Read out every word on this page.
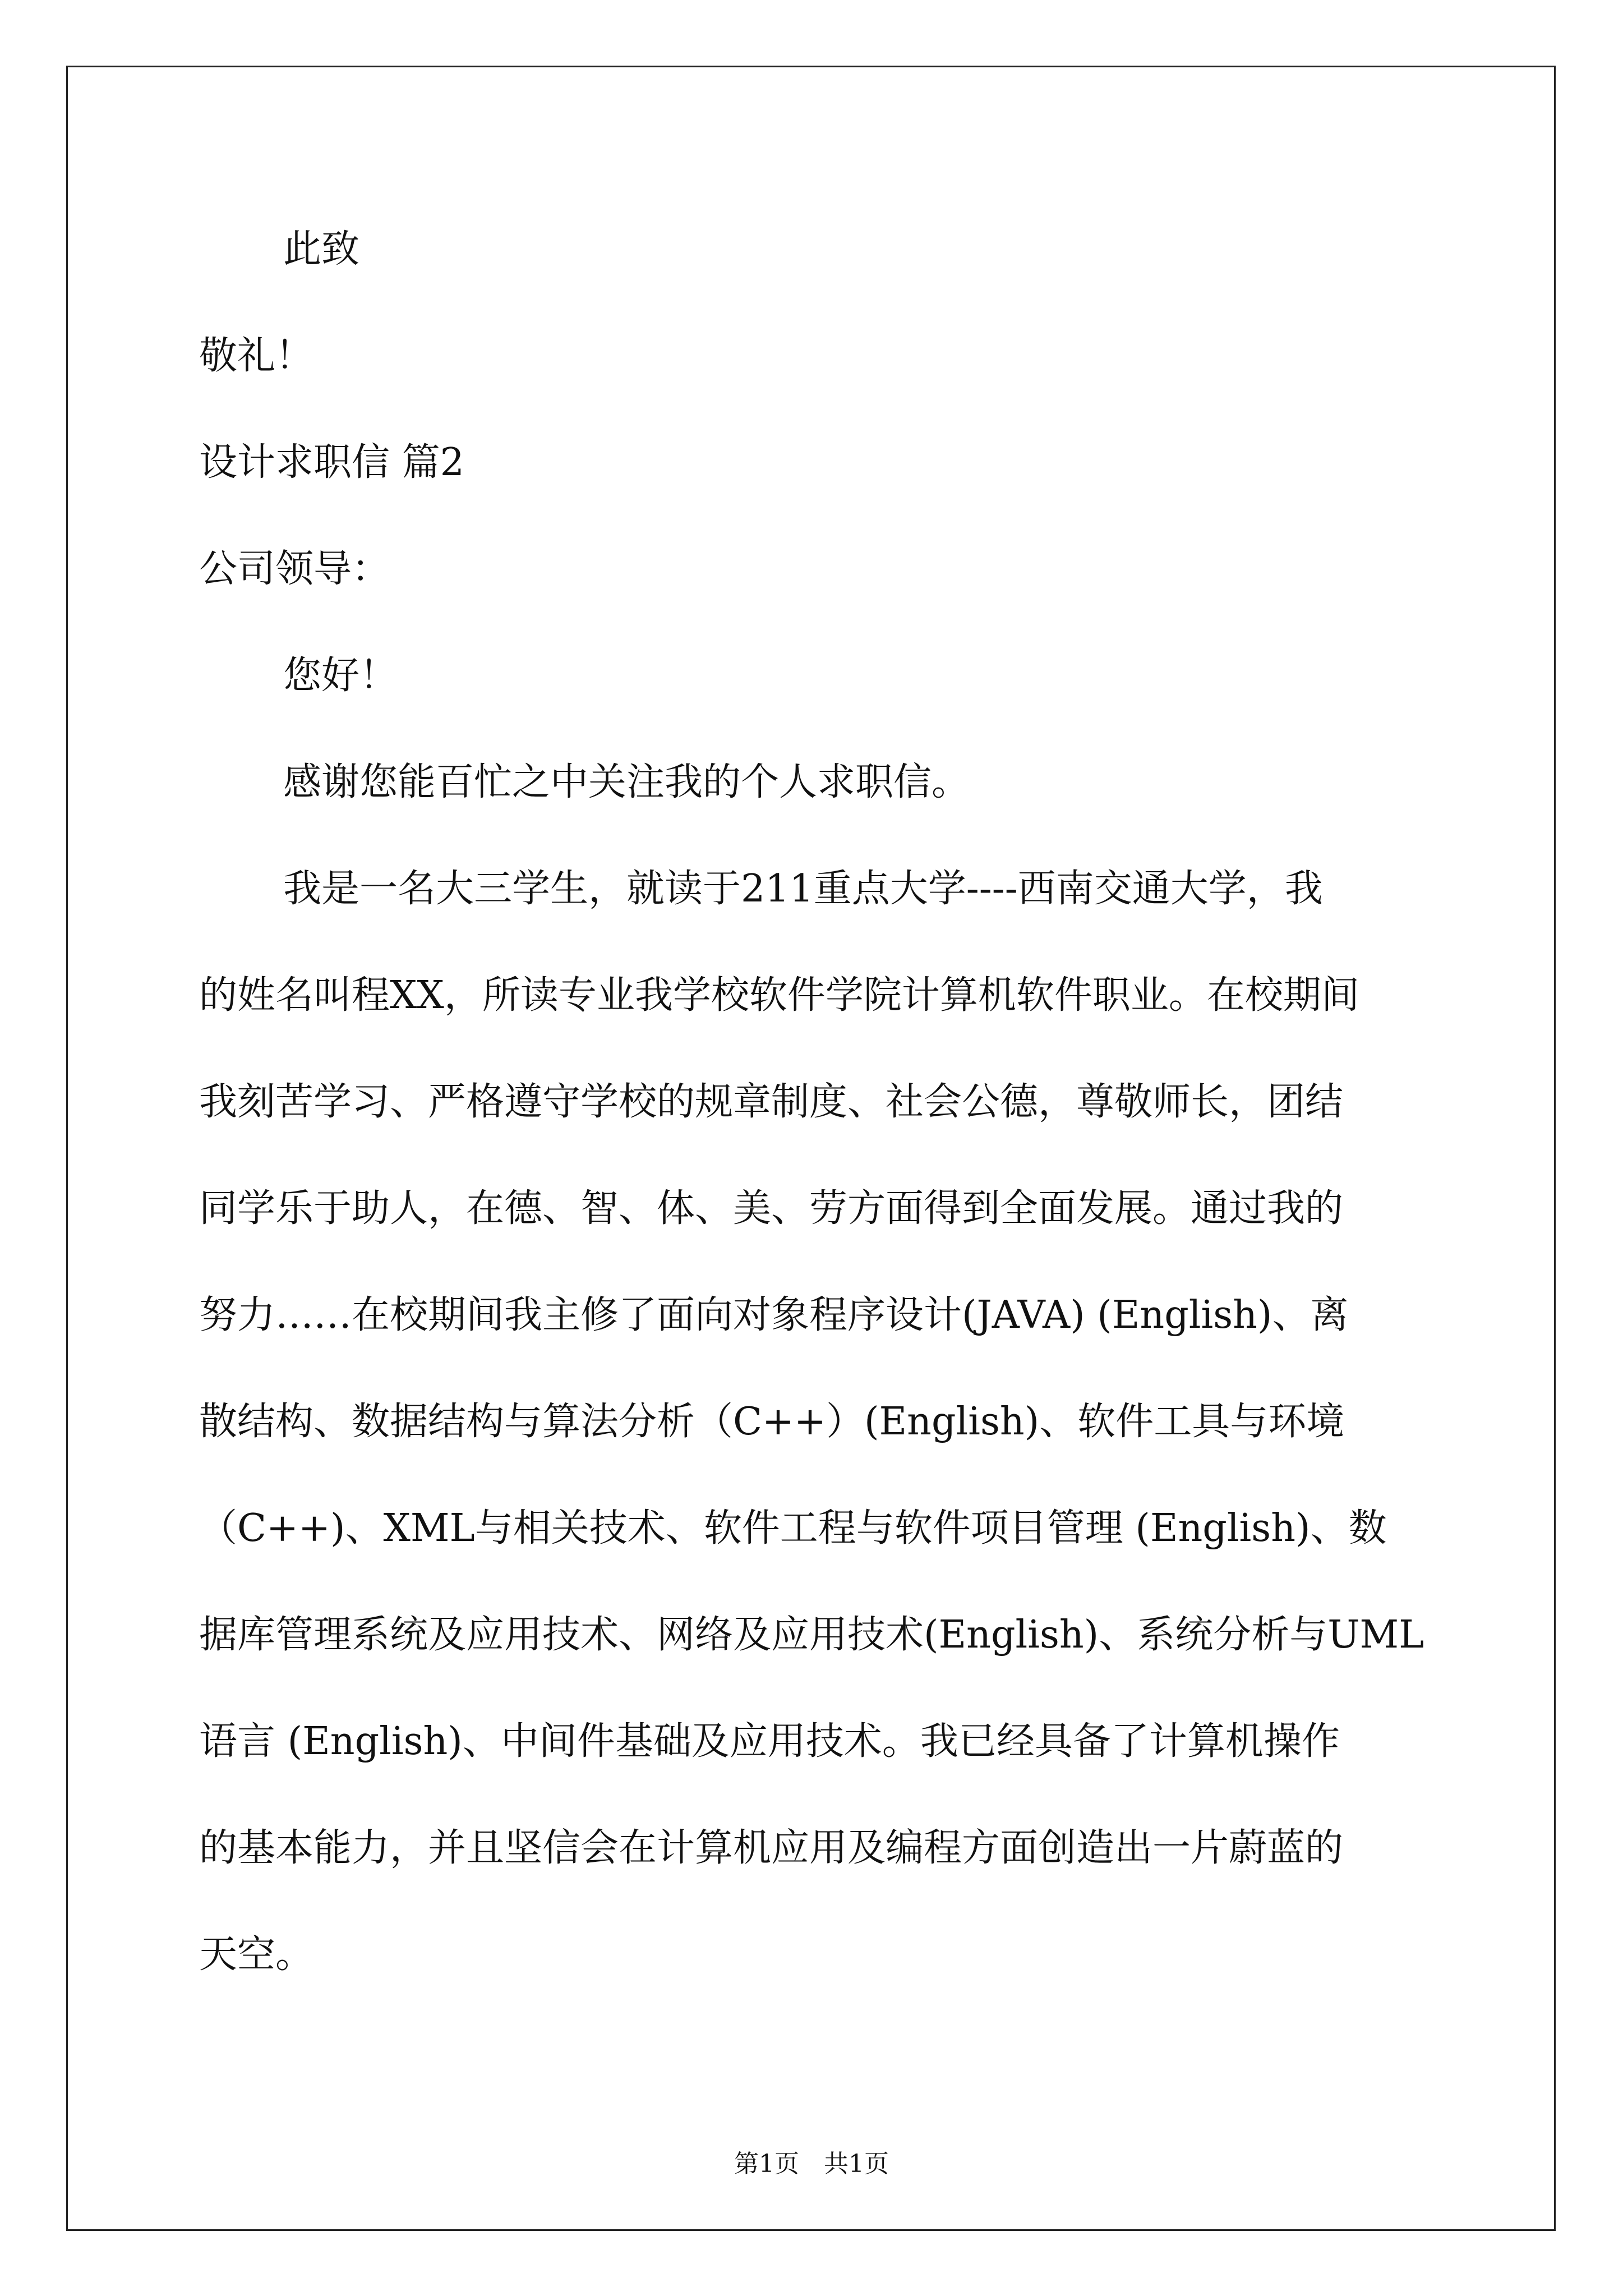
此致
敬礼！
设计求职信 篇2
公司领导：
您好！
感谢您能百忙之中关注我的个人求职信。
我是一名大三学生，就读于211重点大学----西南交通大学，我
的姓名叫程XX，所读专业我学校软件学院计算机软件职业。在校期间
我刻苦学习、严格遵守学校的规章制度、社会公德，尊敬师长，团结
同学乐于助人，在德、智、体、美、劳方面得到全面发展。通过我的
努力……在校期间我主修了面向对象程序设计(JAVA) (English)、离
散结构、数据结构与算法分析（C++）(English)、软件工具与环境
（C++)、XML与相关技术、软件工程与软件项目管理 (English)、数
据库管理系统及应用技术、网络及应用技术(English)、系统分析与UML
语言 (English)、中间件基础及应用技术。我已经具备了计算机操作
的基本能力，并且坚信会在计算机应用及编程方面创造出一片蔚蓝的
天空。
第1页　共1页
